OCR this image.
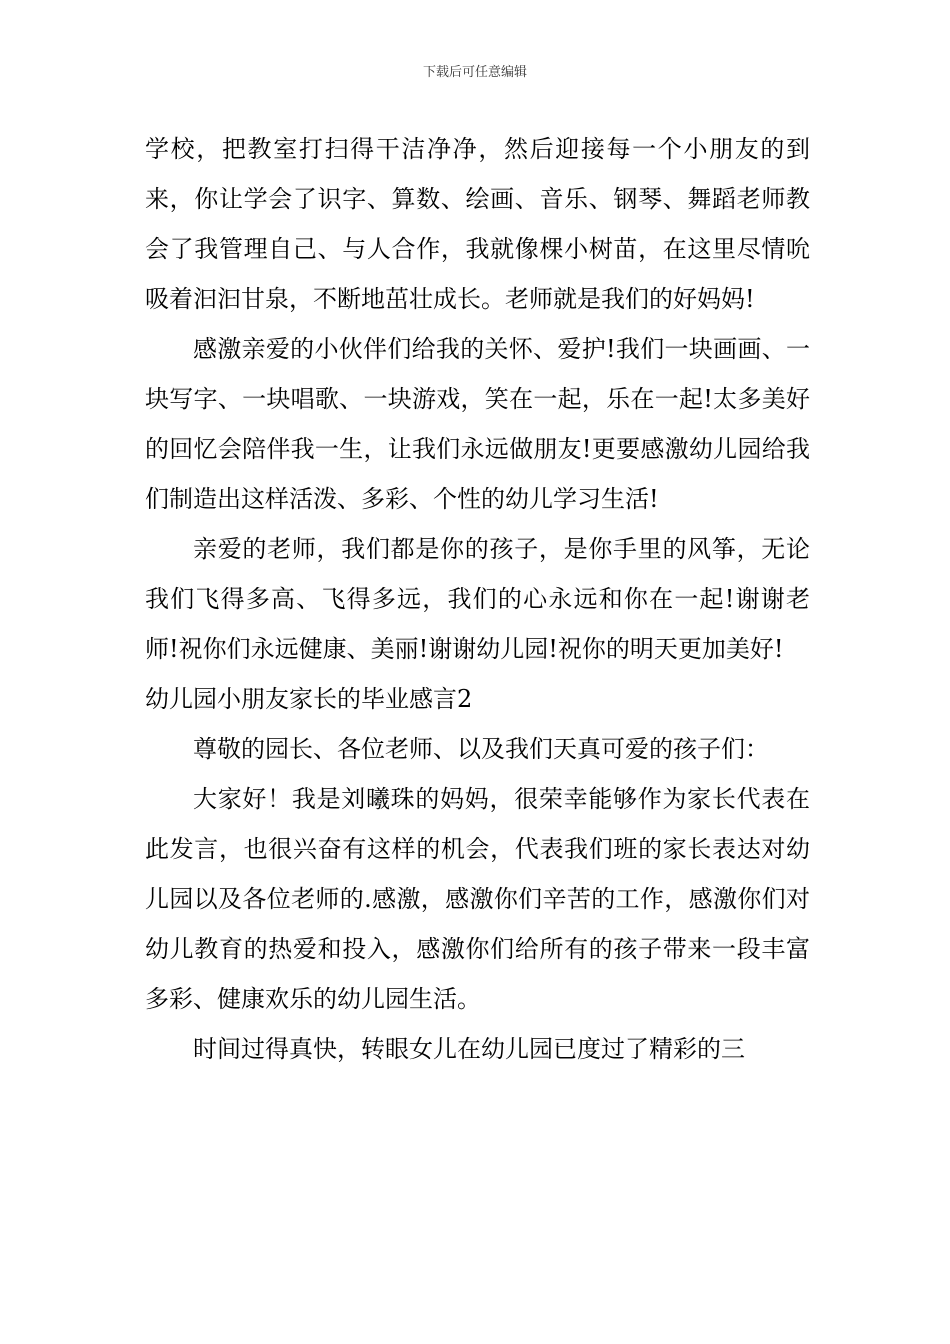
下载后可任意编辑

学校，把教室打扫得干洁净净，然后迎接每一个小朋友的到来，你让学会了识字、算数、绘画、音乐、钢琴、舞蹈老师教会了我管理自己、与人合作，我就像棵小树苗，在这里尽情吮吸着汩汩甘泉，不断地茁壮成长。老师就是我们的好妈妈!

感激亲爱的小伙伴们给我的关怀、爱护!我们一块画画、一块写字、一块唱歌、一块游戏，笑在一起，乐在一起!太多美好的回忆会陪伴我一生，让我们永远做朋友!更要感激幼儿园给我们制造出这样活泼、多彩、个性的幼儿学习生活!

亲爱的老师，我们都是你的孩子，是你手里的风筝，无论我们飞得多高、飞得多远，我们的心永远和你在一起!谢谢老师!祝你们永远健康、美丽!谢谢幼儿园!祝你的明天更加美好!

幼儿园小朋友家长的毕业感言2

尊敬的园长、各位老师、以及我们天真可爱的孩子们：

大家好！我是刘曦珠的妈妈，很荣幸能够作为家长代表在此发言，也很兴奋有这样的机会，代表我们班的家长表达对幼儿园以及各位老师的.感激，感激你们辛苦的工作，感激你们对幼儿教育的热爱和投入，感激你们给所有的孩子带来一段丰富多彩、健康欢乐的幼儿园生活。

时间过得真快，转眼女儿在幼儿园已度过了精彩的三
